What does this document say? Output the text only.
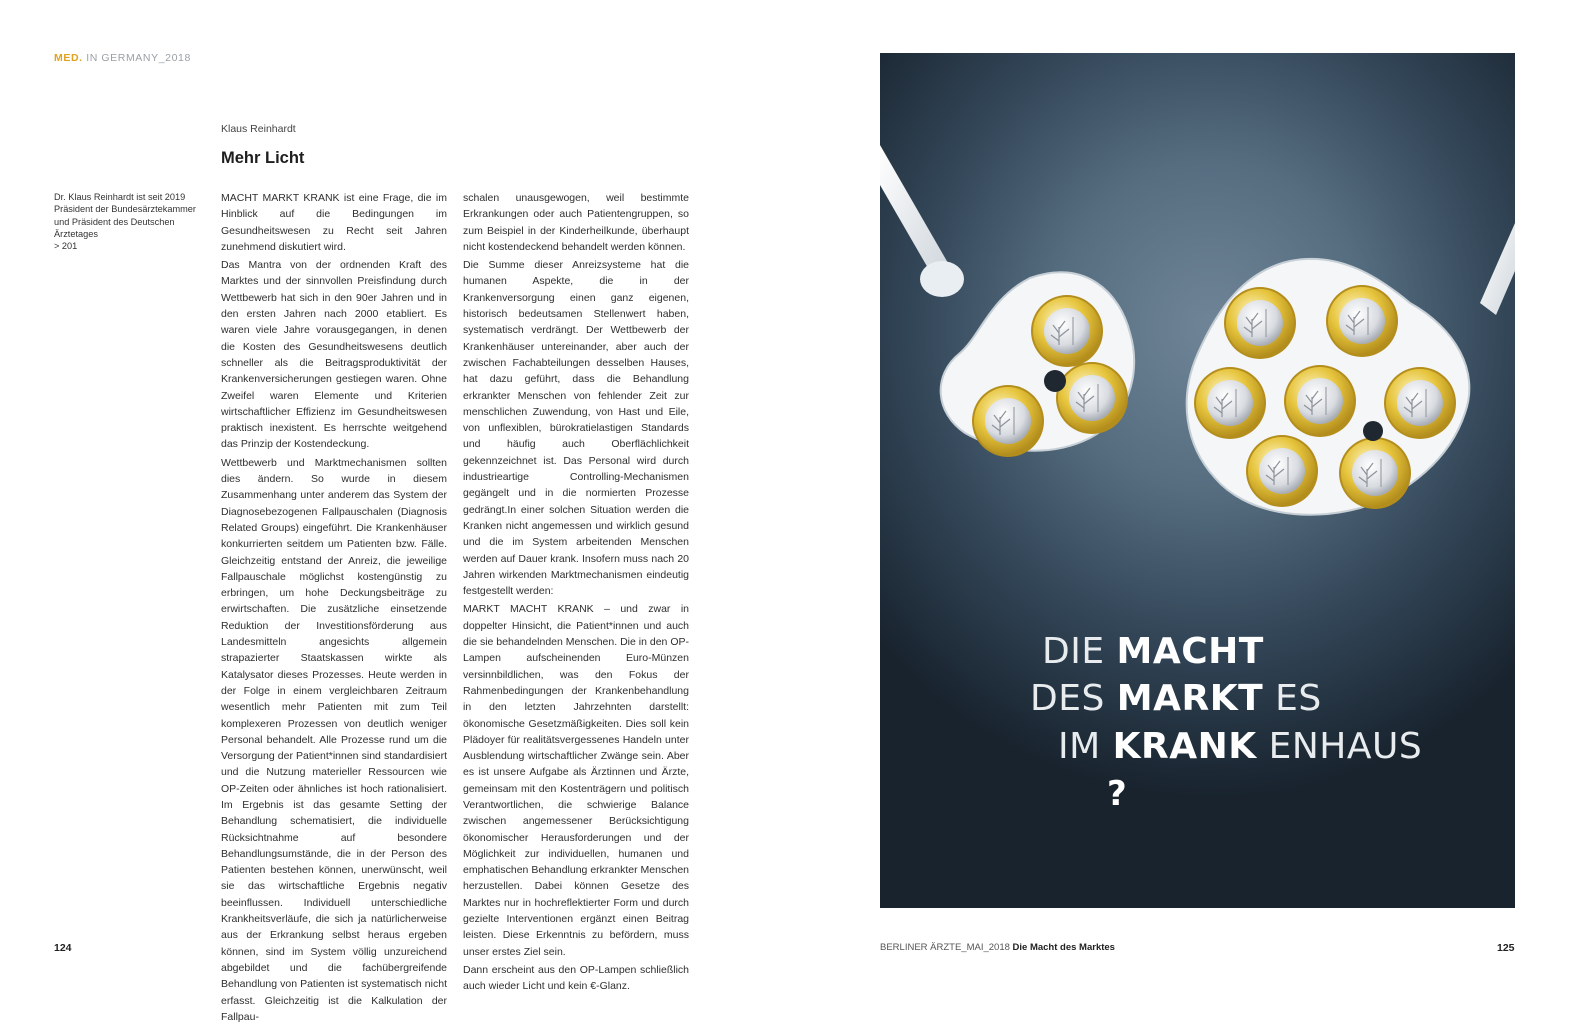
MED. IN GERMANY_2018
Klaus Reinhardt
Mehr Licht
Dr. Klaus Reinhardt ist seit 2019
Präsident der Bundesärztekammer
und Präsident des Deutschen
Ärztetages
> 201

MACHT MARKT KRANK ist eine Frage, die im Hinblick auf die Bedingungen im Gesundheitswesen zu Recht seit Jahren zunehmend diskutiert wird.

Das Mantra von der ordnenden Kraft des Marktes und der sinnvollen Preisfindung durch Wettbewerb hat sich in den 90er Jahren und in den ersten Jahren nach 2000 etabliert. Es waren viele Jahre vorausgegangen, in denen die Kosten des Gesundheitswesens deutlich schneller als die Beitragsproduktivität der Krankenversicherungen gestiegen waren. Ohne Zweifel waren Elemente und Kriterien wirtschaftlicher Effizienz im Gesundheitswesen praktisch inexistent. Es herrschte weitgehend das Prinzip der Kostendeckung.

Wettbewerb und Marktmechanismen sollten dies ändern. So wurde in diesem Zusammenhang unter anderem das System der Diagnosebezogenen Fallpauschalen (Diagnosis Related Groups) eingeführt. Die Krankenhäuser konkurrierten seitdem um Patienten bzw. Fälle. Gleichzeitig entstand der Anreiz, die jeweilige Fallpauschale möglichst kostengünstig zu erbringen, um hohe Deckungsbeiträge zu erwirtschaften. Die zusätzliche einsetzende Reduktion der Investitionsförderung aus Landesmitteln angesichts allgemein strapazierter Staatskassen wirkte als Katalysator dieses Prozesses. Heute werden in der Folge in einem vergleichbaren Zeitraum wesentlich mehr Patienten mit zum Teil komplexeren Prozessen von deutlich weniger Personal behandelt. Alle Prozesse rund um die Versorgung der Patient*innen sind standardisiert und die Nutzung materieller Ressourcen wie OP-Zeiten oder ähnliches ist hoch rationalisiert. Im Ergebnis ist das gesamte Setting der Behandlung schematisiert, die individuelle Rücksichtnahme auf besondere Behandlungsumstände, die in der Person des Patienten bestehen können, unerwünscht, weil sie das wirtschaftliche Ergebnis negativ beeinflussen. Individuell unterschiedliche Krankheitsverläufe, die sich ja natürlicherweise aus der Erkrankung selbst heraus ergeben können, sind im System völlig unzureichend abgebildet und die fachübergreifende Behandlung von Patienten ist systematisch nicht erfasst. Gleichzeitig ist die Kalkulation der Fallpau-

schalen unausgewogen, weil bestimmte Erkrankungen oder auch Patientengruppen, so zum Beispiel in der Kinderheilkunde, überhaupt nicht kostendeckend behandelt werden können.

Die Summe dieser Anreizsysteme hat die humanen Aspekte, die in der Krankenversorgung einen ganz eigenen, historisch bedeutsamen Stellenwert haben, systematisch verdrängt. Der Wettbewerb der Krankenhäuser untereinander, aber auch der zwischen Fachabteilungen desselben Hauses, hat dazu geführt, dass die Behandlung erkrankter Menschen von fehlender Zeit zur menschlichen Zuwendung, von Hast und Eile, von unflexiblen, bürokratielastigen Standards und häufig auch Oberflächlichkeit gekennzeichnet ist. Das Personal wird durch industrieartige Controlling-Mechanismen gegängelt und in die normierten Prozesse gedrängt.In einer solchen Situation werden die Kranken nicht angemessen und wirklich gesund und die im System arbeitenden Menschen werden auf Dauer krank. Insofern muss nach 20 Jahren wirkenden Marktmechanismen eindeutig festgestellt werden:

MARKT MACHT KRANK – und zwar in doppelter Hinsicht, die Patient*innen und auch die sie behandelnden Menschen. Die in den OP-Lampen aufscheinenden Euro-Münzen versinnbildlichen, was den Fokus der Rahmenbedingungen der Krankenbehandlung in den letzten Jahrzehnten darstellt: ökonomische Gesetzmäßigkeiten. Dies soll kein Plädoyer für realitätsvergessenes Handeln unter Ausblendung wirtschaftlicher Zwänge sein. Aber es ist unsere Aufgabe als Ärztinnen und Ärzte, gemeinsam mit den Kostenträgern und politisch Verantwortlichen, die schwierige Balance zwischen angemessener Berücksichtigung ökonomischer Herausforderungen und der Möglichkeit zur individuellen, humanen und emphatischen Behandlung erkrankter Menschen herzustellen. Dabei können Gesetze des Marktes nur in hochreflektierter Form und durch gezielte Interventionen ergänzt einen Beitrag leisten. Diese Erkenntnis zu befördern, muss unser erstes Ziel sein.

Dann erscheint aus den OP-Lampen schließlich auch wieder Licht und kein €-Glanz.

DIE MACHT
DES MARKT ES
IM KRANK ENHAUS
?
124	BERLINER ÄRZTE_MAI_2018 Die Macht des Marktes	125
